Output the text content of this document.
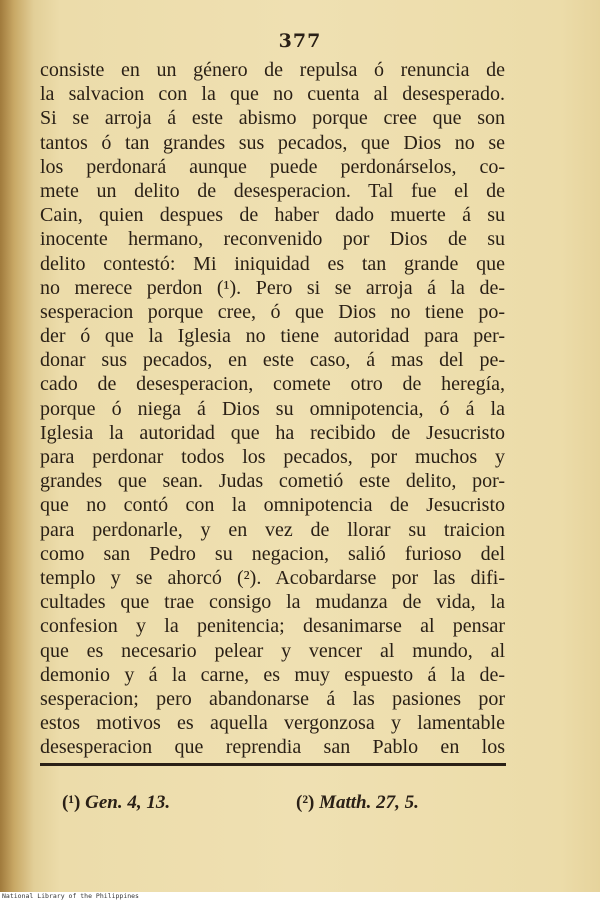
377
consiste en un género de repulsa ó renuncia de
la salvacion con la que no cuenta al desesperado.
Si se arroja á este abismo porque cree que son
tantos ó tan grandes sus pecados, que Dios no se
los perdonará aunque puede perdonárselos, co-
mete un delito de desesperacion. Tal fue el de
Cain, quien despues de haber dado muerte á su
inocente hermano, reconvenido por Dios de su
delito contestó: Mi iniquidad es tan grande que
no merece perdon (¹). Pero si se arroja á la de-
sesperacion porque cree, ó que Dios no tiene po-
der ó que la Iglesia no tiene autoridad para per-
donar sus pecados, en este caso, á mas del pe-
cado de desesperacion, comete otro de heregía,
porque ó niega á Dios su omnipotencia, ó á la
Iglesia la autoridad que ha recibido de Jesucristo
para perdonar todos los pecados, por muchos y
grandes que sean. Judas cometió este delito, por-
que no contó con la omnipotencia de Jesucristo
para perdonarle, y en vez de llorar su traicion
como san Pedro su negacion, salió furioso del
templo y se ahorcó (²). Acobardarse por las difi-
cultades que trae consigo la mudanza de vida, la
confesion y la penitencia; desanimarse al pensar
que es necesario pelear y vencer al mundo, al
demonio y á la carne, es muy espuesto á la de-
sesperacion; pero abandonarse á las pasiones por
estos motivos es aquella vergonzosa y lamentable
desesperacion que reprendia san Pablo en los
(¹) Gen. 4, 13.	(²) Matth. 27, 5.
National Library of the Philippines
